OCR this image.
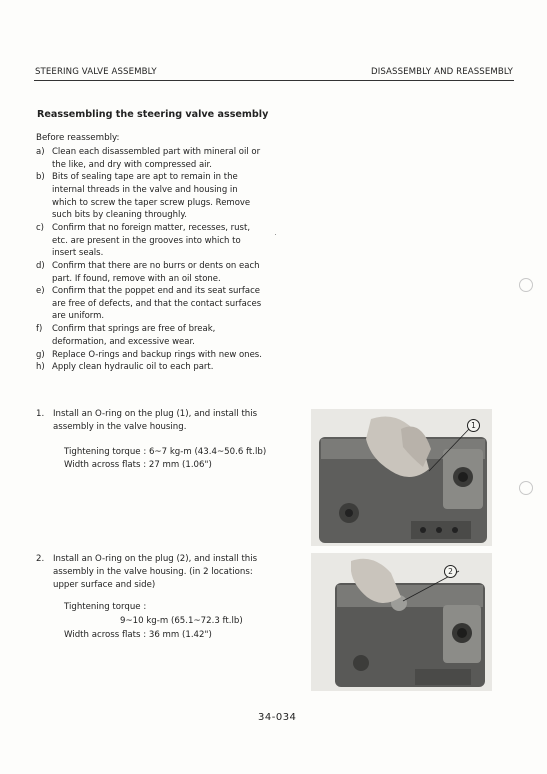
STEERING VALVE ASSEMBLY	DISASSEMBLY AND REASSEMBLY
Reassembling the steering valve assembly
Before reassembly:
a) Clean each disassembled part with mineral oil or the like, and dry with compressed air.
b) Bits of sealing tape are apt to remain in the internal threads in the valve and housing in which to screw the taper screw plugs. Remove such bits by cleaning throughly.
c) Confirm that no foreign matter, recesses, rust, etc. are present in the grooves into which to insert seals.
d) Confirm that there are no burrs or dents on each part. If found, remove with an oil stone.
e) Confirm that the poppet end and its seat surface are free of defects, and that the contact surfaces are uniform.
f) Confirm that springs are free of break, deformation, and excessive wear.
g) Replace O-rings and backup rings with new ones.
h) Apply clean hydraulic oil to each part.
1. Install an O-ring on the plug (1), and install this assembly in the valve housing.
Tightening torque : 6~7 kg-m (43.4~50.6 ft.lb)
Width across flats : 27 mm (1.06")
2. Install an O-ring on the plug (2), and install this assembly in the valve housing. (in 2 locations: upper surface and side)
Tightening torque :
9~10 kg-m (65.1~72.3 ft.lb)
Width across flats : 36 mm (1.42")
1
2
34-034
